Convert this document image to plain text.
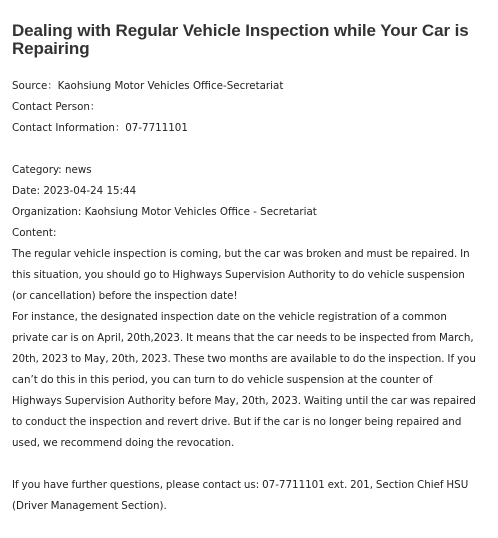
Dealing with Regular Vehicle Inspection while Your Car is Repairing
Source：Kaohsiung Motor Vehicles Office-Secretariat
Contact Person：
Contact Information：07-7711101
Category: news
Date: 2023-04-24 15:44
Organization: Kaohsiung Motor Vehicles Office - Secretariat
Content:

The regular vehicle inspection is coming, but the car was broken and must be repaired. In this situation, you should go to Highways Supervision Authority to do vehicle suspension (or cancellation) before the inspection date!

For instance, the designated inspection date on the vehicle registration of a common private car is on April, 20th,2023. It means that the car needs to be inspected from March, 20th, 2023 to May, 20th, 2023. These two months are available to do the inspection. If you can’t do this in this period, you can turn to do vehicle suspension at the counter of Highways Supervision Authority before May, 20th, 2023. Waiting until the car was repaired to conduct the inspection and revert drive. But if the car is no longer being repaired and used, we recommend doing the revocation.

If you have further questions, please contact us: 07-7711101 ext. 201, Section Chief HSU (Driver Management Section).
